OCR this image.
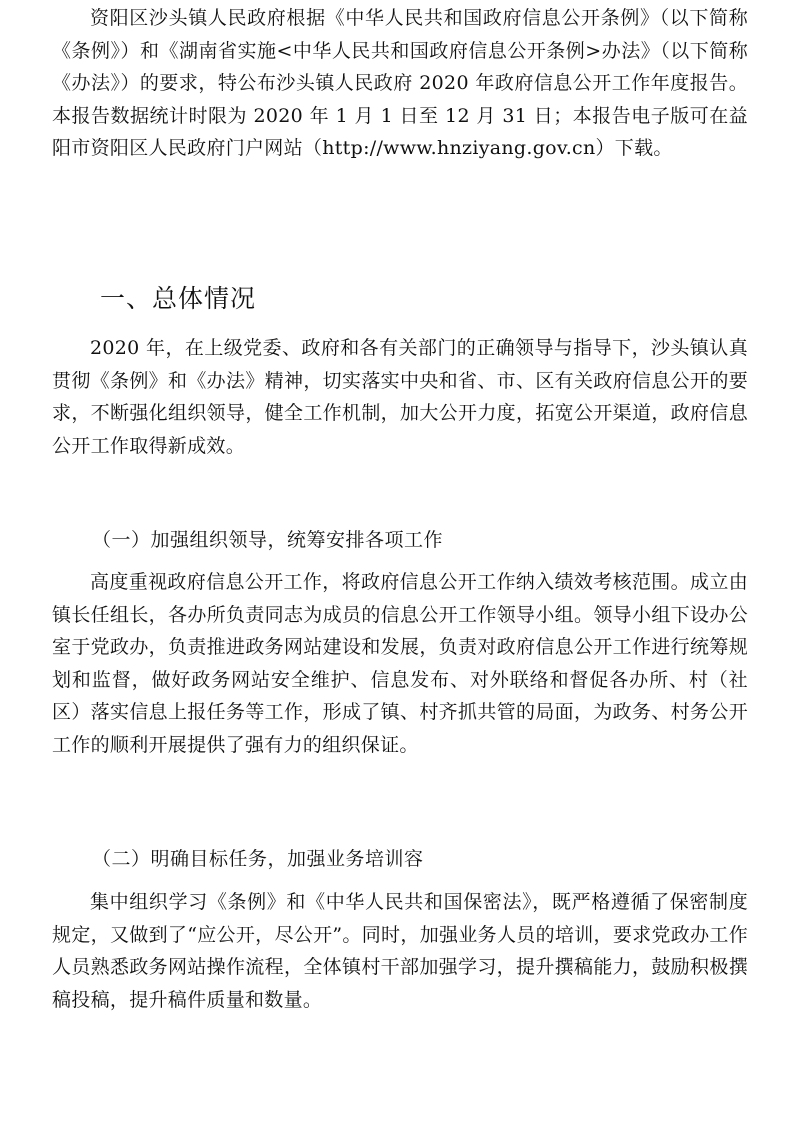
资阳区沙头镇人民政府根据《中华人民共和国政府信息公开条例》（以下简称《条例》）和《湖南省实施<中华人民共和国政府信息公开条例>办法》（以下简称《办法》）的要求，特公布沙头镇人民政府 2020 年政府信息公开工作年度报告。本报告数据统计时限为 2020 年 1 月 1 日至 12 月 31 日；本报告电子版可在益阳市资阳区人民政府门户网站（http://www.hnziyang.gov.cn）下载。

一、总体情况

2020 年，在上级党委、政府和各有关部门的正确领导与指导下，沙头镇认真贯彻《条例》和《办法》精神，切实落实中央和省、市、区有关政府信息公开的要求，不断强化组织领导，健全工作机制，加大公开力度，拓宽公开渠道，政府信息公开工作取得新成效。

（一）加强组织领导，统筹安排各项工作

高度重视政府信息公开工作，将政府信息公开工作纳入绩效考核范围。成立由镇长任组长，各办所负责同志为成员的信息公开工作领导小组。领导小组下设办公室于党政办，负责推进政务网站建设和发展，负责对政府信息公开工作进行统筹规划和监督，做好政务网站安全维护、信息发布、对外联络和督促各办所、村（社区）落实信息上报任务等工作，形成了镇、村齐抓共管的局面，为政务、村务公开工作的顺利开展提供了强有力的组织保证。

（二）明确目标任务，加强业务培训容

集中组织学习《条例》和《中华人民共和国保密法》，既严格遵循了保密制度规定，又做到了“应公开，尽公开”。同时，加强业务人员的培训，要求党政办工作人员熟悉政务网站操作流程，全体镇村干部加强学习，提升撰稿能力，鼓励积极撰稿投稿，提升稿件质量和数量。
